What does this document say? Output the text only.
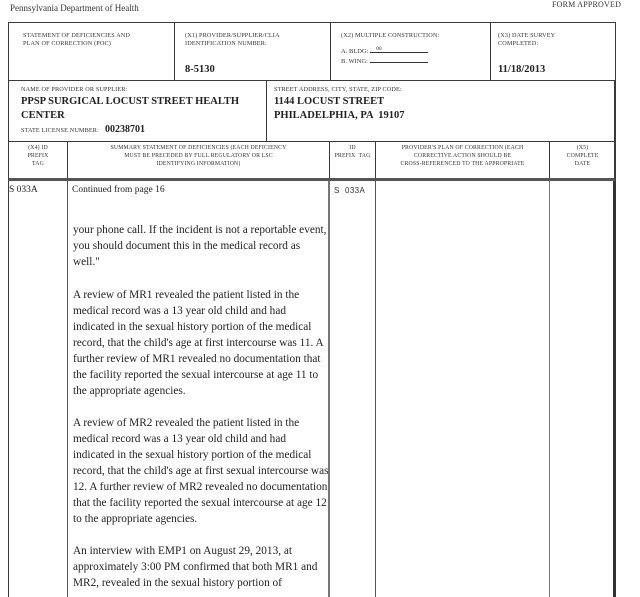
Pennsylvania Department of Health	FORM APPROVED
STATEMENT OF DEFICIENCIES AND PLAN OF CORRECTION (POC)
(X1) PROVIDER/SUPPLIER/CLIA IDENTIFICATION NUMBER:
8-5130
(X2) MULTIPLE CONSTRUCTION:
A. BLDG: 00
B. WING:
(X3) DATE SURVEY COMPLETED:
11/18/2013
NAME OF PROVIDER OR SUPPLIER:
PPSP SURGICAL LOCUST STREET HEALTH
CENTER
STATE LICENSE NUMBER: 00238701
STREET ADDRESS, CITY, STATE, ZIP CODE:
1144 LOCUST STREET
PHILADELPHIA, PA  19107
(X4) ID
PREFIX
TAG
SUMMARY STATEMENT OF DEFICIENCIES (EACH DEFICIENCY
MUST BE PRECEDED BY FULL REGULATORY OR LSC
IDENTIFYING INFORMATION)
ID
PREFIX  TAG
PROVIDER'S PLAN OF CORRECTION (EACH
CORRECTIVE ACTION SHOULD BE
CROSS-REFERENCED TO THE APPROPRIATE
(X5)
COMPLETE
DATE
S 033A	Continued from page 16
your phone call. If the incident is not a reportable event, you should document this in the medical record as well."
A review of MR1 revealed the patient listed in the medical record was a 13 year old child and had indicated in the sexual history portion of the medical record, that the child's age at first intercourse was 11. A further review of MR1 revealed no documentation that the facility reported the sexual intercourse at age 11 to the appropriate agencies.
A review of MR2 revealed the patient listed in the medical record was a 13 year old child and had indicated in the sexual history portion of the medical record, that the child's age at first sexual intercourse was 12. A further review of MR2 revealed no documentation that the facility reported the sexual intercourse at age 12 to the appropriate agencies.
An interview with EMP1 on August 29, 2013, at approximately 3:00 PM confirmed that both MR1 and MR2, revealed in the sexual history portion of
S  033A
